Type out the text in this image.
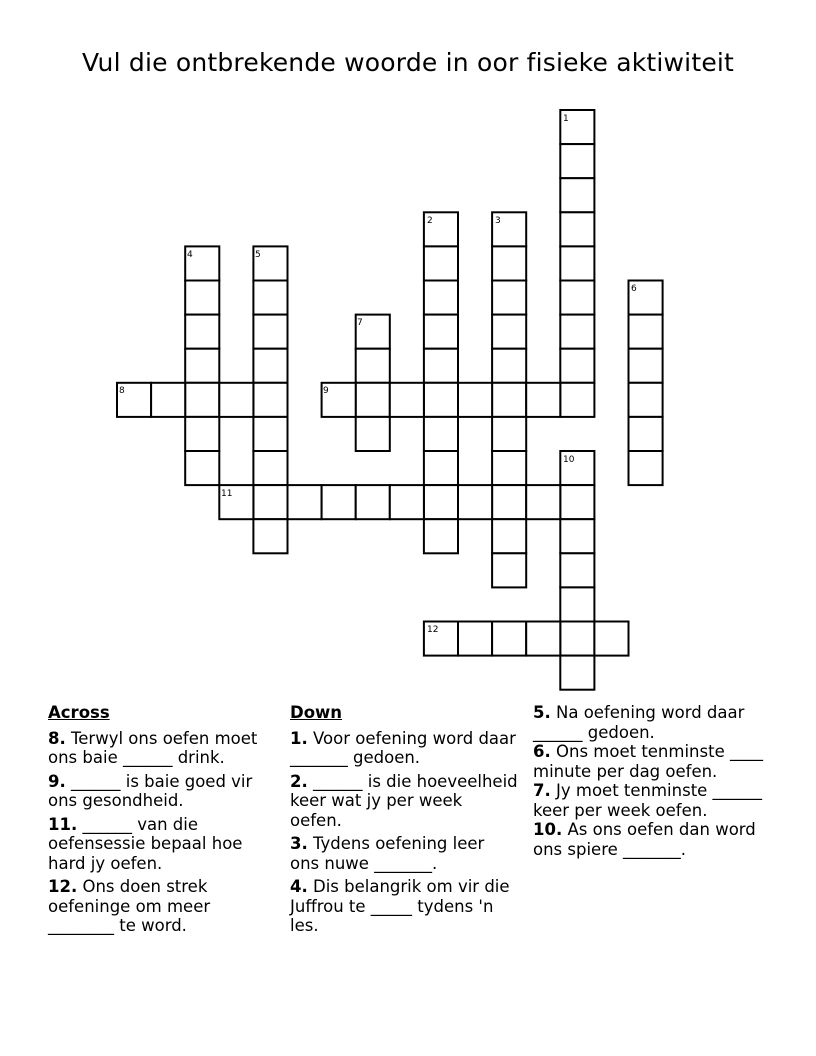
Vul die ontbrekende woorde in oor fisieke aktiwiteit
1
2	3
4	5
6
7
8	9
10
11
12
Across
8. Terwyl ons oefen moet ons baie ______ drink.
9. ______ is baie goed vir ons gesondheid.
11. ______ van die oefensessie bepaal hoe hard jy oefen.
12. Ons doen strek oefeninge om meer ________ te word.
Down
1. Voor oefening word daar _______ gedoen.
2. ______ is die hoeveelheid keer wat jy per week oefen.
3. Tydens oefening leer ons nuwe _______.
4. Dis belangrik om vir die Juffrou te _____ tydens 'n les.
5. Na oefening word daar ______ gedoen.
6. Ons moet tenminste ____ minute per dag oefen.
7. Jy moet tenminste ______ keer per week oefen.
10. As ons oefen dan word ons spiere _______.
